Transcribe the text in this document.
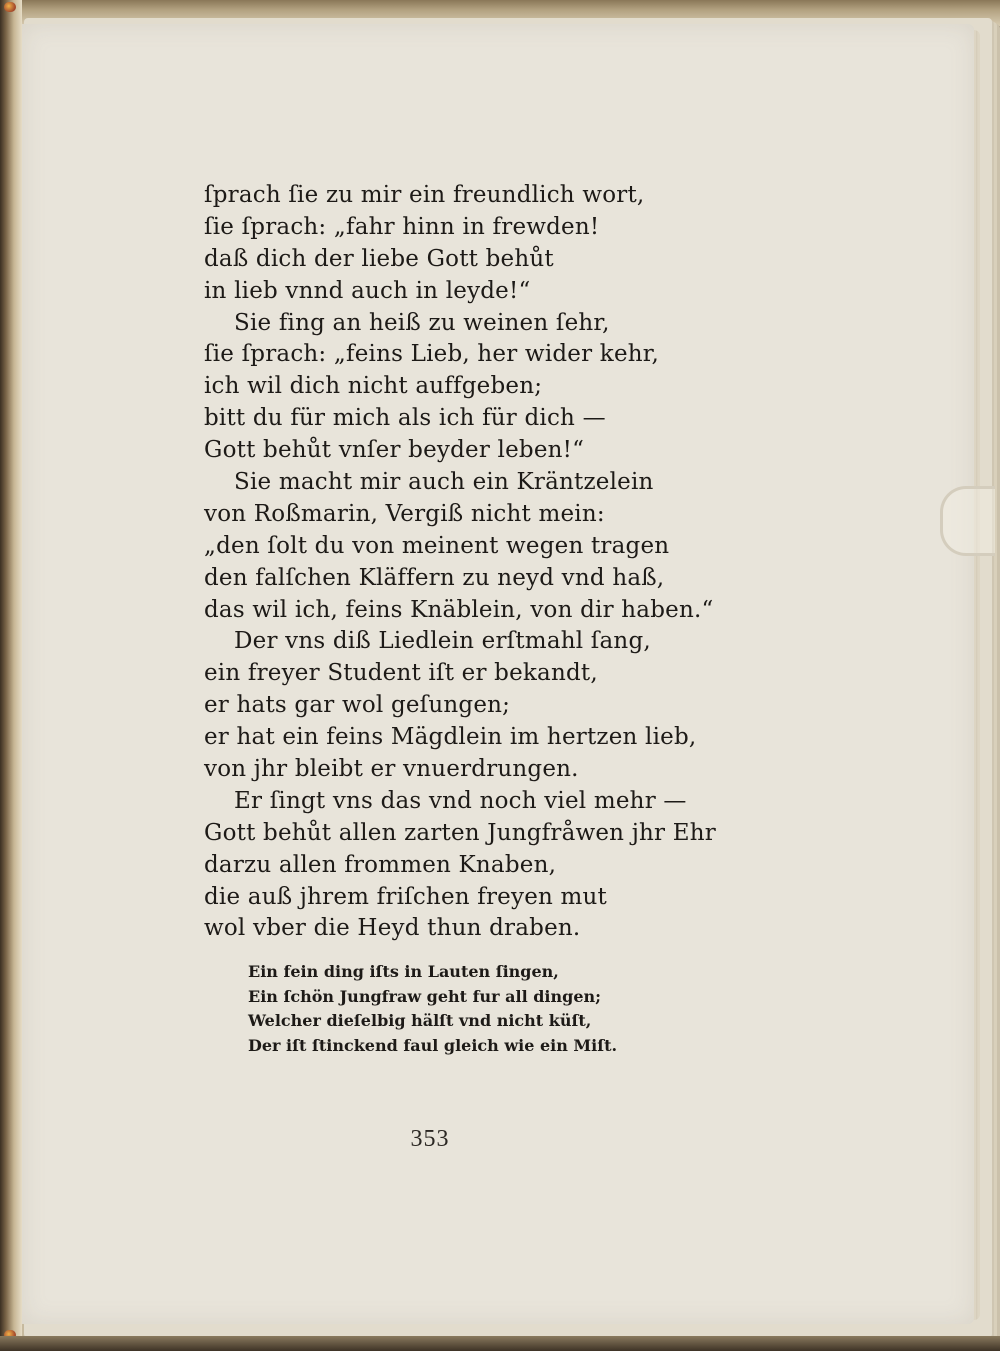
ſprach ſie zu mir ein freundlich wort,
ſie ſprach: „fahr hinn in frewden!
daß dich der liebe Gott behůt
in lieb vnnd auch in leyde!“
Sie fing an heiß zu weinen ſehr,
ſie ſprach: „feins Lieb, her wider kehr,
ich wil dich nicht auffgeben;
bitt du für mich als ich für dich —
Gott behůt vnſer beyder leben!“
Sie macht mir auch ein Kräntzelein
von Roßmarin, Vergiß nicht mein:
„den ſolt du von meinent wegen tragen
den falſchen Kläffern zu neyd vnd haß,
das wil ich, feins Knäblein, von dir haben.“
Der vns diß Liedlein erſtmahl ſang,
ein freyer Student iſt er bekandt,
er hats gar wol geſungen;
er hat ein feins Mägdlein im hertzen lieb,
von jhr bleibt er vnuerdrungen.
Er ſingt vns das vnd noch viel mehr —
Gott behůt allen zarten Jungfråwen jhr Ehr
darzu allen frommen Knaben,
die auß jhrem friſchen freyen mut
wol vber die Heyd thun draben.
Ein fein ding iſts in Lauten ſingen,
Ein ſchön Jungfraw geht fur all dingen;
Welcher dieſelbig hälſt vnd nicht küſt,
Der iſt ſtinckend faul gleich wie ein Miſt.
353
